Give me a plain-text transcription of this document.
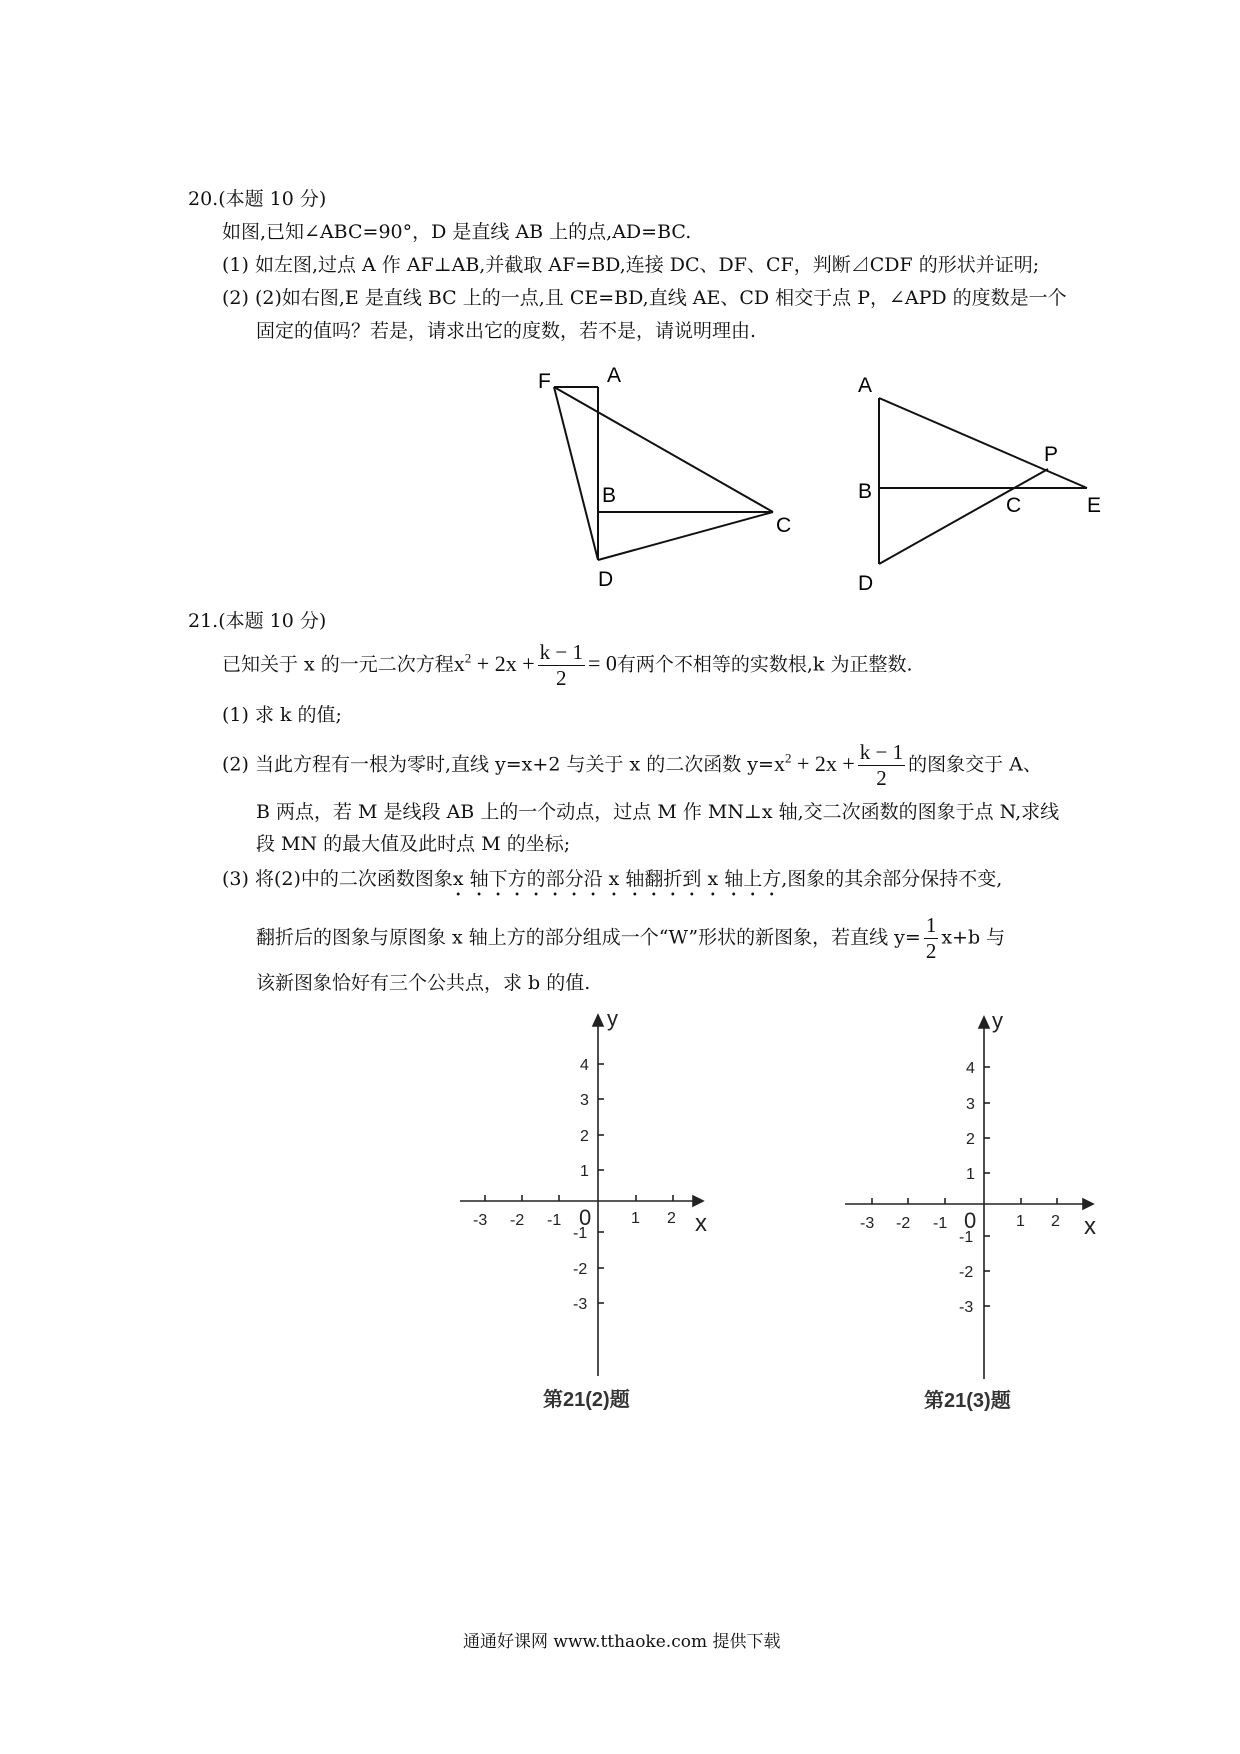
20.(本题 10 分)
如图,已知∠ABC=90°，D 是直线 AB 上的点,AD=BC.
(1) 如左图,过点 A 作 AF⊥AB,并截取 AF=BD,连接 DC、DF、CF，判断⊿CDF 的形状并证明;
(2) (2)如右图,E 是直线 BC 上的一点,且 CE=BD,直线 AE、CD 相交于点 P，∠APD 的度数是一个
固定的值吗？若是，请求出它的度数，若不是，请说明理由.
F	A
B
C
D
A
B
C
D
E
P
21.(本题 10 分)
已知关于 x 的一元二次方程$x^2 + 2x + \frac{k - 1}{2} = 0$有两个不相等的实数根,k 为正整数.
(1) 求 k 的值;
(2) 当此方程有一根为零时,直线 y=x+2 与关于 x 的二次函数 $y=x^2 + 2x + \frac{k - 1}{2}$ 的图象交于 A、
B 两点，若 M 是线段 AB 上的一个动点，过点 M 作 MN⊥x 轴,交二次函数的图象于点 N,求线
段 MN 的最大值及此时点 M 的坐标;
(3) 将(2)中的二次函数图象x 轴下方的部分沿 x 轴翻折到 x 轴上方,图象的其余部分保持不变,
翻折后的图象与原图象 x 轴上方的部分组成一个“W”形状的新图象，若直线 $y= \frac{1}{2} x+b$ 与
该新图象恰好有三个公共点，求 b 的值.
-3 -2 -1	1 2
4
3
2
1
-1
-2
-3
0
y
x
第21(2)题
-3 -2 -1	1 2
4
3
2
1
-1
-2
-3
0
y
x
第21(3)题
通通好课网 www.tthaoke.com 提供下载
